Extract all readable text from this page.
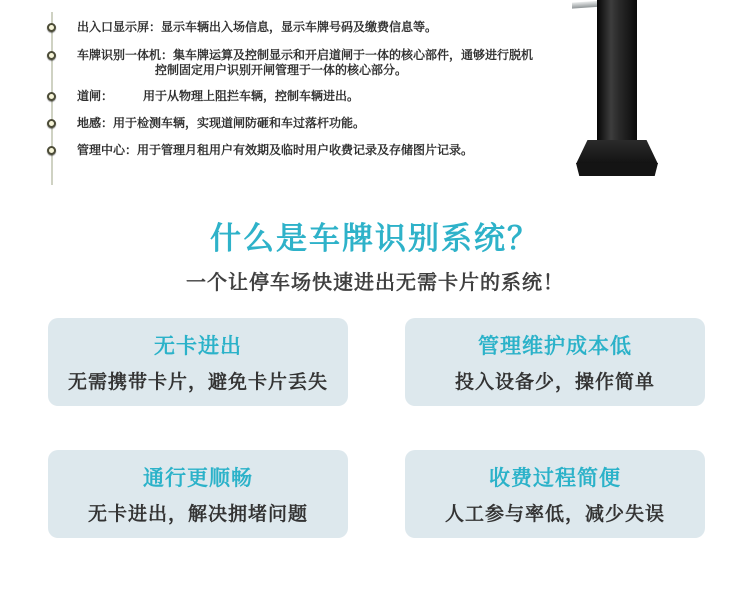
出入口显示屏：显示车辆出入场信息，显示车牌号码及缴费信息等。
车牌识别一体机：集车牌运算及控制显示和开启道闸于一体的核心部件，通够进行脱机
控制固定用户识别开闸管理于一体的核心部分。
道闸：　　　用于从物理上阻拦车辆，控制车辆进出。
地感：用于检测车辆，实现道闸防砸和车过落杆功能。
管理中心：用于管理月租用户有效期及临时用户收费记录及存储图片记录。
什么是车牌识别系统？
一个让停车场快速进出无需卡片的系统！
无卡进出
无需携带卡片，避免卡片丢失
管理维护成本低
投入设备少，操作简单
通行更顺畅
无卡进出，解决拥堵问题
收费过程简便
人工参与率低，减少失误
